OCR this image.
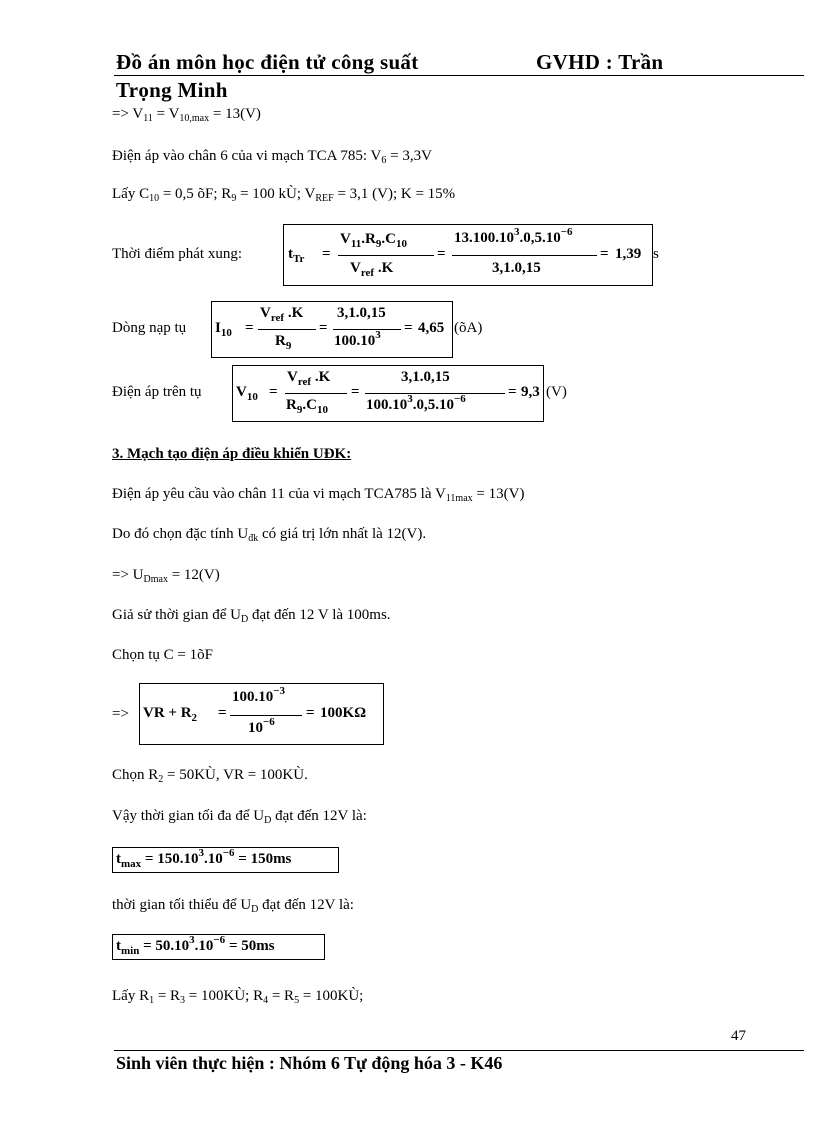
Đồ án môn học điện tử công suất	GVHD : Trần
Trọng Minh
=> $V_{11} = V_{10,max} = 13(V)$
Điện áp vào chân 6 của vi mạch TCA 785: $V_6 = 3,3V$
Lấy $C_{10} = 0,5$ õF; $R_9 = 100$ kÙ; $V_{REF} = 3,1$ (V); K = 15%
Thời điểm phát xung:	$t_{Tr}$ =
$V_{11}.R_9.C_{10}$
$V_{ref}$ .K
=
$13.100.10^3.0,5.10^{-6}$
3,1.0,15
= 1,39 s
Dòng nạp tụ $I_{10}$ =
$V_{ref}$ .K
$R_9$
=
3,1.0,15
$100.10^3 = 4,65$ (õA)
Điện áp trên tụ $V_{10}$ =
$V_{ref}$ .K
$R_9.C_{10}$
=
3,1.0,15
$100.10^3.0,5.10^{-6}$	= 9,3 (V)
3. Mạch tạo điện áp điều khiển UĐK:
Điện áp yêu cầu vào chân 11 của vi mạch TCA785 là $V_{11max} = 13(V)$
Do đó chọn đặc tính $U_{đk}$ có giá trị lớn nhất là 12(V).
=> $U_{Dmax} = 12(V)$
Giả sử thời gian để $U_D$ đạt đến 12 V là 100ms.
Chọn tụ C = 1õF
=> VR + $R_2$ =
$100.10^{-3}$
$10^{-6}$
= 100KΩ
Chọn $R_2$ = 50KÙ, VR = 100KÙ.
Vậy thời gian tối đa để $U_D$ đạt đến 12V là:
$t_{max} = 150.10^3.10^{-6} = 150ms$
thời gian tối thiểu để $U_D$ đạt đến 12V là:
$t_{min} = 50.10^3.10^{-6} = 50ms$
Lấy $R_1 = R_3$ = 100KÙ; $R_4 = R_5$ = 100KÙ;
47
Sinh viên thực hiện : Nhóm 6 Tự động hóa 3 - K46
